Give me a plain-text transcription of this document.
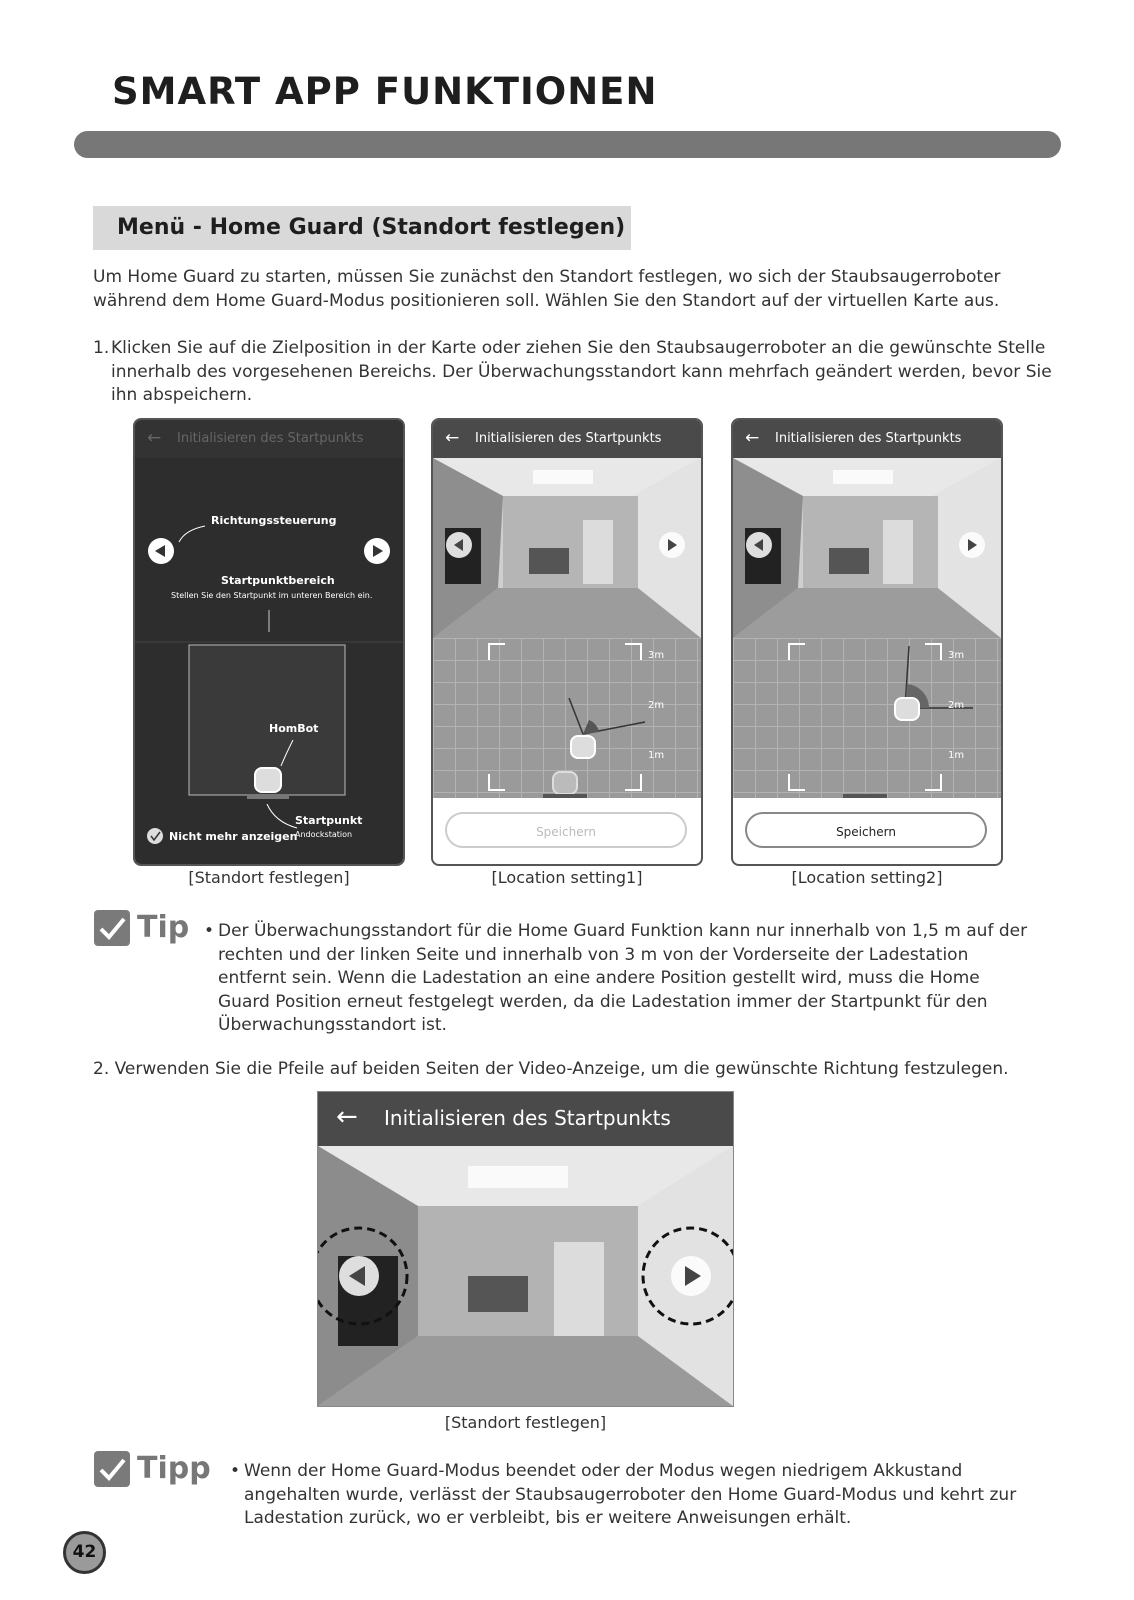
SMART APP FUNKTIONEN
Menü - Home Guard (Standort festlegen)

Um Home Guard zu starten, müssen Sie zunächst den Standort festlegen, wo sich der Staubsaugerroboter während dem Home Guard-Modus positionieren soll. Wählen Sie den Standort auf der virtuellen Karte aus.

1. Klicken Sie auf die Zielposition in der Karte oder ziehen Sie den Staubsaugerroboter an die gewünschte Stelle innerhalb des vorgesehenen Bereichs. Der Überwachungsstandort kann mehrfach geändert werden, bevor Sie ihn abspeichern.
← Initialisieren des Startpunkts
Richtungssteuerung
Startpunktbereich
Stellen Sie den Startpunkt im unteren Bereich ein.
HomBot
Startpunkt
Andockstation
Nicht mehr anzeigen
← Initialisieren des Startpunkts
3m
2m
1m
Speichern
← Initialisieren des Startpunkts
3m
2m
1m
Speichern
[Standort festlegen]	[Location setting1]	[Location setting2]
Tip • Der Überwachungsstandort für die Home Guard Funktion kann nur innerhalb von 1,5 m auf der rechten und der linken Seite und innerhalb von 3 m von der Vorderseite der Ladestation entfernt sein. Wenn die Ladestation an eine andere Position gestellt wird, muss die Home Guard Position erneut festgelegt werden, da die Ladestation immer der Startpunkt für den Überwachungsstandort ist.

2. Verwenden Sie die Pfeile auf beiden Seiten der Video-Anzeige, um die gewünschte Richtung festzulegen.

← Initialisieren des Startpunkts
[Standort festlegen]
Tipp • Wenn der Home Guard-Modus beendet oder der Modus wegen niedrigem Akkustand angehalten wurde, verlässt der Staubsaugerroboter den Home Guard-Modus und kehrt zur Ladestation zurück, wo er verbleibt, bis er weitere Anweisungen erhält.
42
